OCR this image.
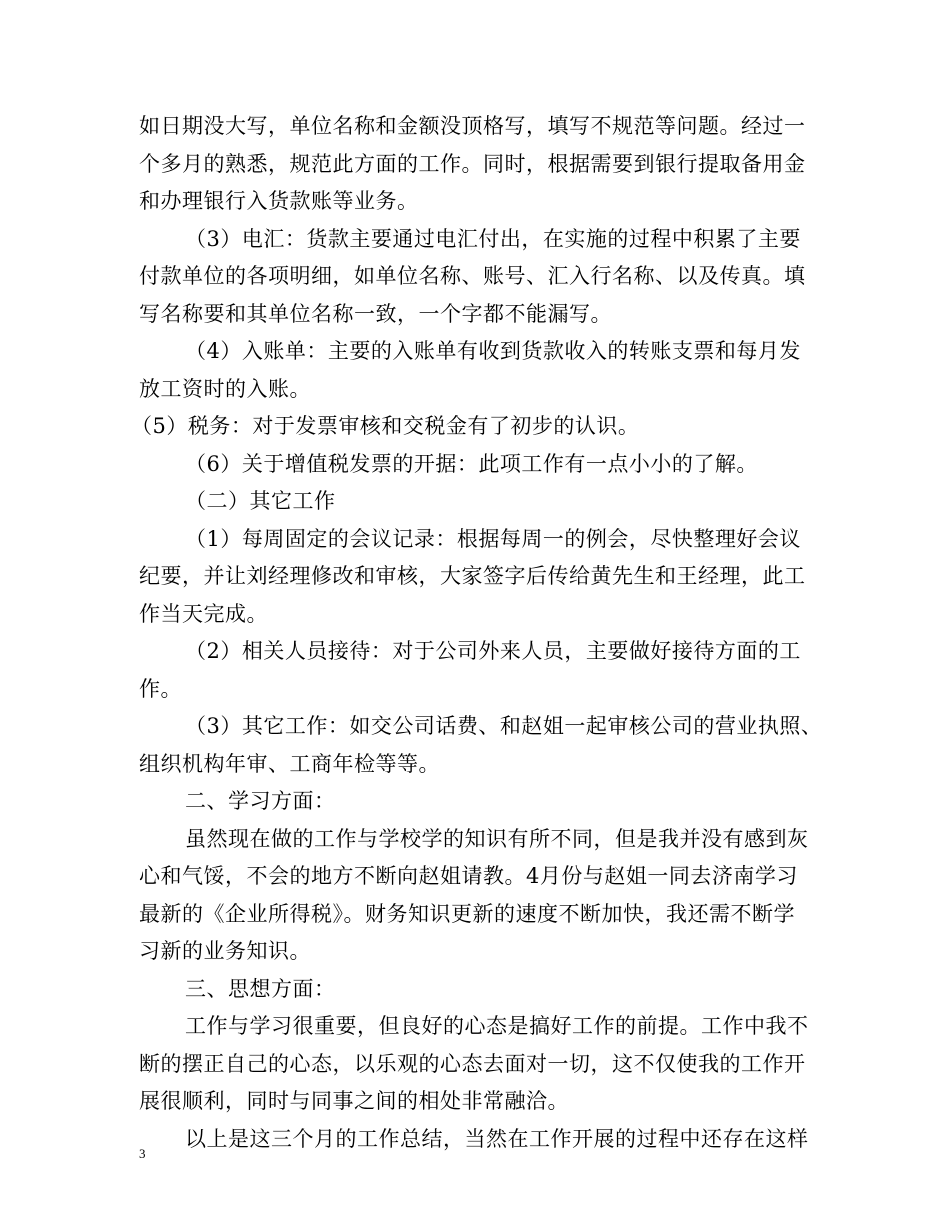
如日期没大写，单位名称和金额没顶格写，填写不规范等问题。经过一
个多月的熟悉，规范此方面的工作。同时，根据需要到银行提取备用金
和办理银行入货款账等业务。
（3）电汇：货款主要通过电汇付出，在实施的过程中积累了主要
付款单位的各项明细，如单位名称、账号、汇入行名称、以及传真。填
写名称要和其单位名称一致，一个字都不能漏写。
（4）入账单：主要的入账单有收到货款收入的转账支票和每月发
放工资时的入账。
（5）税务：对于发票审核和交税金有了初步的认识。
（6）关于增值税发票的开据：此项工作有一点小小的了解。
（二）其它工作
（1）每周固定的会议记录：根据每周一的例会，尽快整理好会议
纪要，并让刘经理修改和审核，大家签字后传给黄先生和王经理，此工
作当天完成。
（2）相关人员接待：对于公司外来人员，主要做好接待方面的工
作。
（3）其它工作：如交公司话费、和赵姐一起审核公司的营业执照、
组织机构年审、工商年检等等。
二、学习方面：
虽然现在做的工作与学校学的知识有所不同，但是我并没有感到灰
心和气馁，不会的地方不断向赵姐请教。4月份与赵姐一同去济南学习
最新的《企业所得税》。财务知识更新的速度不断加快，我还需不断学
习新的业务知识。
三、思想方面：
工作与学习很重要，但良好的心态是搞好工作的前提。工作中我不
断的摆正自己的心态，以乐观的心态去面对一切，这不仅使我的工作开
展很顺利，同时与同事之间的相处非常融洽。
以上是这三个月的工作总结，当然在工作开展的过程中还存在这样
3
